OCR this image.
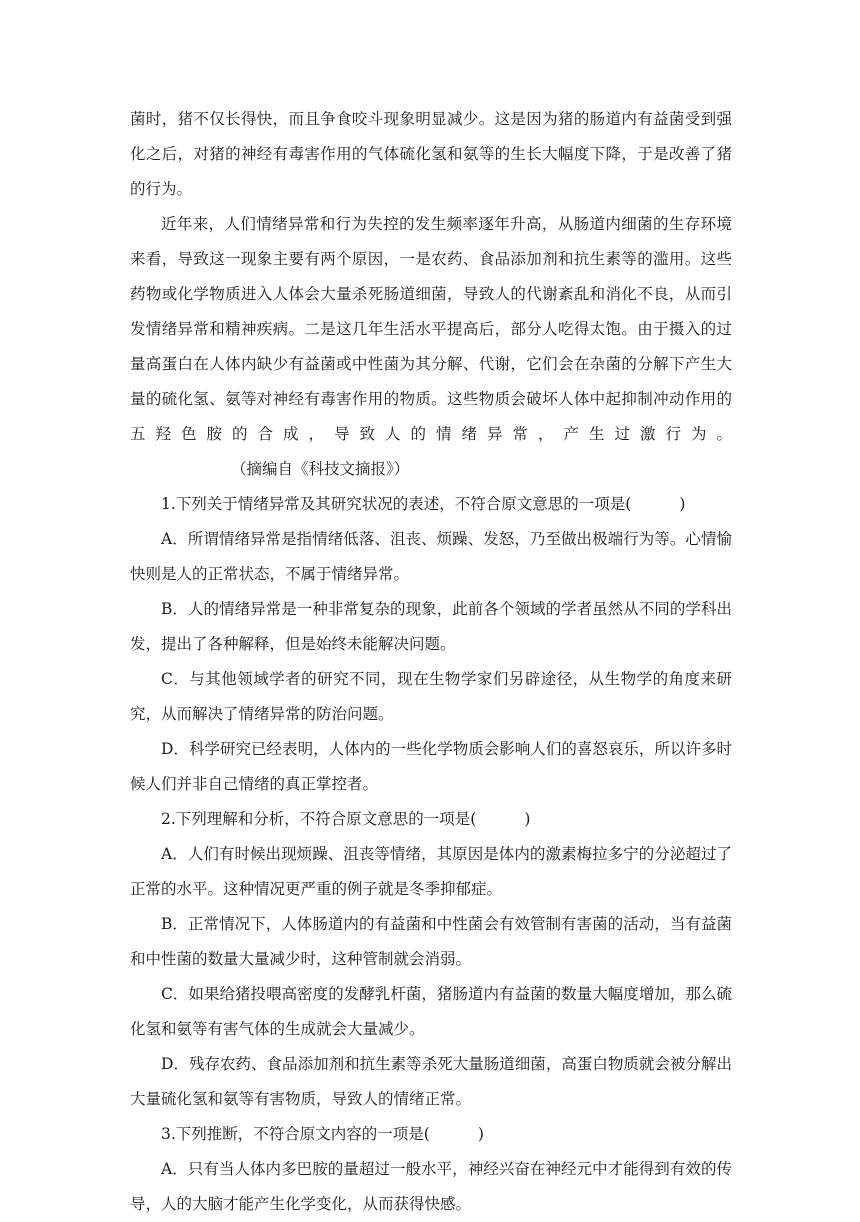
菌时，猪不仅长得快，而且争食咬斗现象明显减少。这是因为猪的肠道内有益菌受到强化之后，对猪的神经有毒害作用的气体硫化氢和氨等的生长大幅度下降，于是改善了猪的行为。

近年来，人们情绪异常和行为失控的发生频率逐年升高，从肠道内细菌的生存环境来看，导致这一现象主要有两个原因，一是农药、食品添加剂和抗生素等的滥用。这些药物或化学物质进入人体会大量杀死肠道细菌，导致人的代谢紊乱和消化不良，从而引发情绪异常和精神疾病。二是这几年生活水平提高后，部分人吃得太饱。由于摄入的过量高蛋白在人体内缺少有益菌或中性菌为其分解、代谢，它们会在杂菌的分解下产生大量的硫化氢、氨等对神经有毒害作用的物质。这些物质会破坏人体中起抑制冲动作用的五羟色胺的合成，导致人的情绪异常，产生过激行为。（摘编自《科技文摘报》）

1.下列关于情绪异常及其研究状况的表述，不符合原文意思的一项是(	)

A．所谓情绪异常是指情绪低落、沮丧、烦躁、发怒，乃至做出极端行为等。心情愉快则是人的正常状态，不属于情绪异常。

B．人的情绪异常是一种非常复杂的现象，此前各个领域的学者虽然从不同的学科出发，提出了各种解释，但是始终未能解决问题。

C．与其他领域学者的研究不同，现在生物学家们另辟途径，从生物学的角度来研究，从而解决了情绪异常的防治问题。

D．科学研究已经表明，人体内的一些化学物质会影响人们的喜怒哀乐，所以许多时候人们并非自己情绪的真正掌控者。

2.下列理解和分析，不符合原文意思的一项是(	)

A．人们有时候出现烦躁、沮丧等情绪，其原因是体内的激素梅拉多宁的分泌超过了正常的水平。这种情况更严重的例子就是冬季抑郁症。

B．正常情况下，人体肠道内的有益菌和中性菌会有效管制有害菌的活动，当有益菌和中性菌的数量大量减少时，这种管制就会消弱。

C．如果给猪投喂高密度的发酵乳杆菌，猪肠道内有益菌的数量大幅度增加，那么硫化氢和氨等有害气体的生成就会大量减少。

D．残存农药、食品添加剂和抗生素等杀死大量肠道细菌，高蛋白物质就会被分解出大量硫化氢和氨等有害物质，导致人的情绪正常。

3.下列推断，不符合原文内容的一项是(	)

A．只有当人体内多巴胺的量超过一般水平，神经兴奋在神经元中才能得到有效的传导，人的大脑才能产生化学变化，从而获得快感。
